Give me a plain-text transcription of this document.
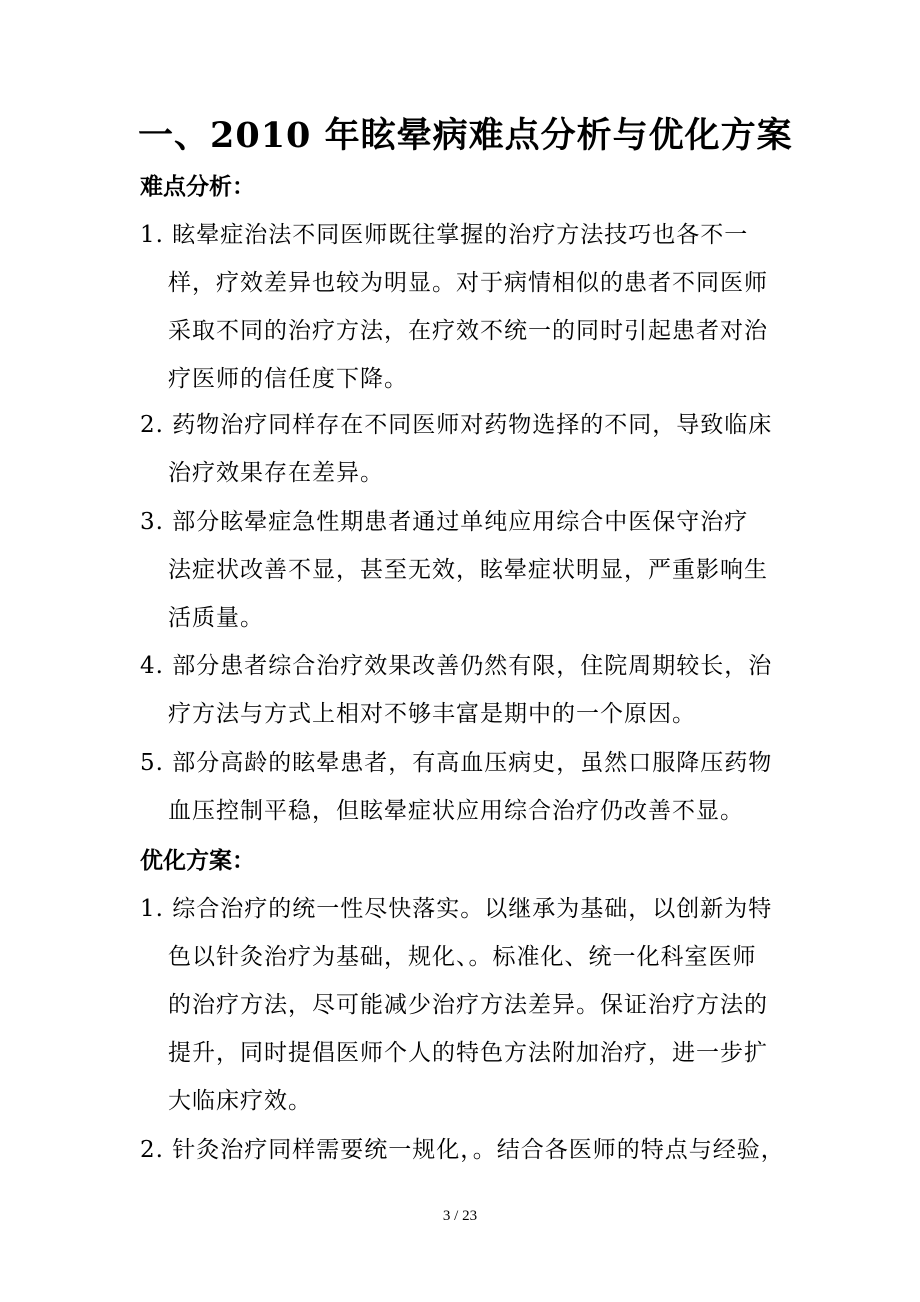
一、2010 年眩晕病难点分析与优化方案
难点分析：
1. 眩晕症治法不同医师既往掌握的治疗方法技巧也各不一
样，疗效差异也较为明显。对于病情相似的患者不同医师
采取不同的治疗方法，在疗效不统一的同时引起患者对治
疗医师的信任度下降。
2. 药物治疗同样存在不同医师对药物选择的不同，导致临床
治疗效果存在差异。
3. 部分眩晕症急性期患者通过单纯应用综合中医保守治疗
法症状改善不显，甚至无效，眩晕症状明显，严重影响生
活质量。
4. 部分患者综合治疗效果改善仍然有限，住院周期较长，治
疗方法与方式上相对不够丰富是期中的一个原因。
5. 部分高龄的眩晕患者，有高血压病史，虽然口服降压药物
血压控制平稳，但眩晕症状应用综合治疗仍改善不显。
优化方案：
1. 综合治疗的统一性尽快落实。以继承为基础，以创新为特
色以针灸治疗为基础，规化、。标准化、统一化科室医师
的治疗方法，尽可能减少治疗方法差异。保证治疗方法的
提升，同时提倡医师个人的特色方法附加治疗，进一步扩
大临床疗效。
2. 针灸治疗同样需要统一规化，。结合各医师的特点与经验，
3 / 23
